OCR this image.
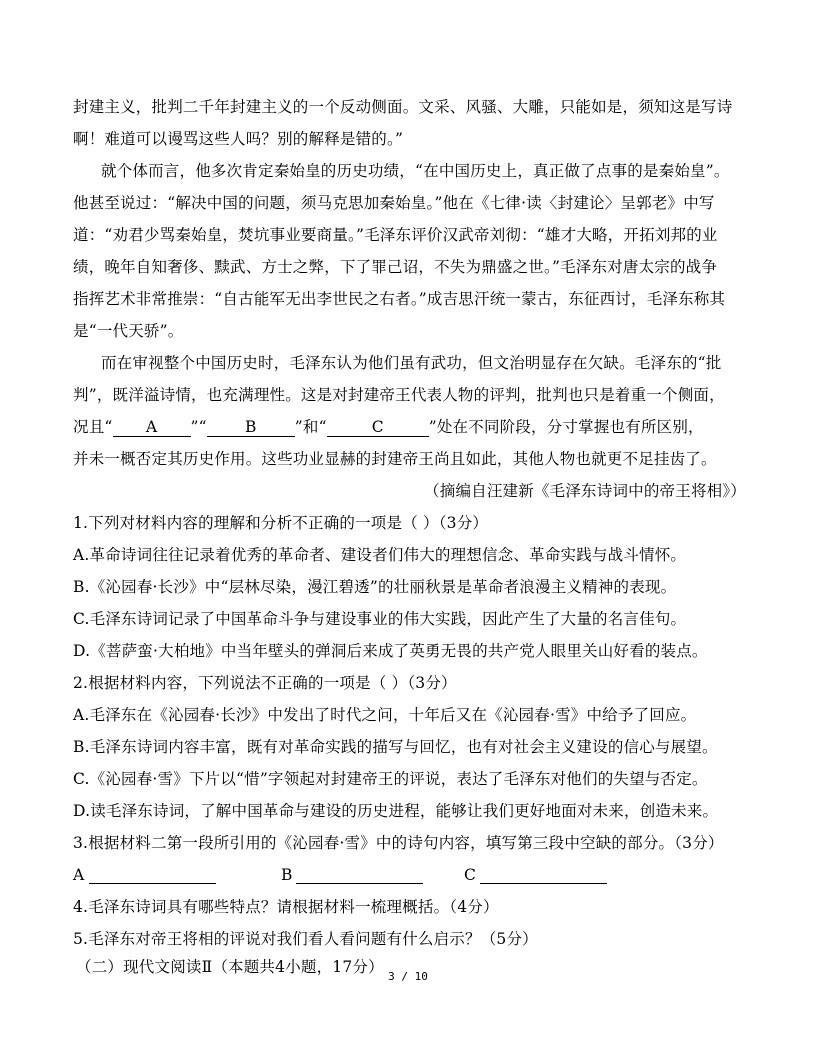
封建主义，批判二千年封建主义的一个反动侧面。文采、风骚、大雕，只能如是，须知这是写诗
啊！难道可以谩骂这些人吗？别的解释是错的。”
就个体而言，他多次肯定秦始皇的历史功绩，“在中国历史上，真正做了点事的是秦始皇”。
他甚至说过：“解决中国的问题，须马克思加秦始皇。”他在《七律·读〈封建论〉呈郭老》中写
道：“劝君少骂秦始皇，焚坑事业要商量。”毛泽东评价汉武帝刘彻：“雄才大略，开拓刘邦的业
绩，晚年自知奢侈、黩武、方士之弊，下了罪己诏，不失为鼎盛之世。”毛泽东对唐太宗的战争
指挥艺术非常推崇：“自古能军无出李世民之右者。”成吉思汗统一蒙古，东征西讨，毛泽东称其
是“一代天骄”。
而在审视整个中国历史时，毛泽东认为他们虽有武功，但文治明显存在欠缺。毛泽东的“批
判”，既洋溢诗情，也充满理性。这是对封建帝王代表人物的评判，批判也只是着重一个侧面，
况且“ A ”“ B ”和“	C	”处在不同阶段，分寸掌握也有所区别，
并未一概否定其历史作用。这些功业显赫的封建帝王尚且如此，其他人物也就更不足挂齿了。
（摘编自汪建新《毛泽东诗词中的帝王将相》）
1.下列对材料内容的理解和分析不正确的一项是（ ）（3分）
A.革命诗词往往记录着优秀的革命者、建设者们伟大的理想信念、革命实践与战斗情怀。
B.《沁园春·长沙》中“层林尽染，漫江碧透”的壮丽秋景是革命者浪漫主义精神的表现。
C.毛泽东诗词记录了中国革命斗争与建设事业的伟大实践，因此产生了大量的名言佳句。
D.《菩萨蛮·大柏地》中当年壁头的弹洞后来成了英勇无畏的共产党人眼里关山好看的装点。
2.根据材料内容，下列说法不正确的一项是（ ）（3分）
A.毛泽东在《沁园春·长沙》中发出了时代之问，十年后又在《沁园春·雪》中给予了回应。
B.毛泽东诗词内容丰富，既有对革命实践的描写与回忆，也有对社会主义建设的信心与展望。
C.《沁园春·雪》下片以“惜”字领起对封建帝王的评说，表达了毛泽东对他们的失望与否定。
D.读毛泽东诗词，了解中国革命与建设的历史进程，能够让我们更好地面对未来，创造未来。
3.根据材料二第一段所引用的《沁园春·雪》中的诗句内容，填写第三段中空缺的部分。（3分）
A	B	C
4.毛泽东诗词具有哪些特点？请根据材料一梳理概括。（4分）
5.毛泽东对帝王将相的评说对我们看人看问题有什么启示？（5分）
（二）现代文阅读Ⅱ（本题共4小题，17分）
3 / 10
